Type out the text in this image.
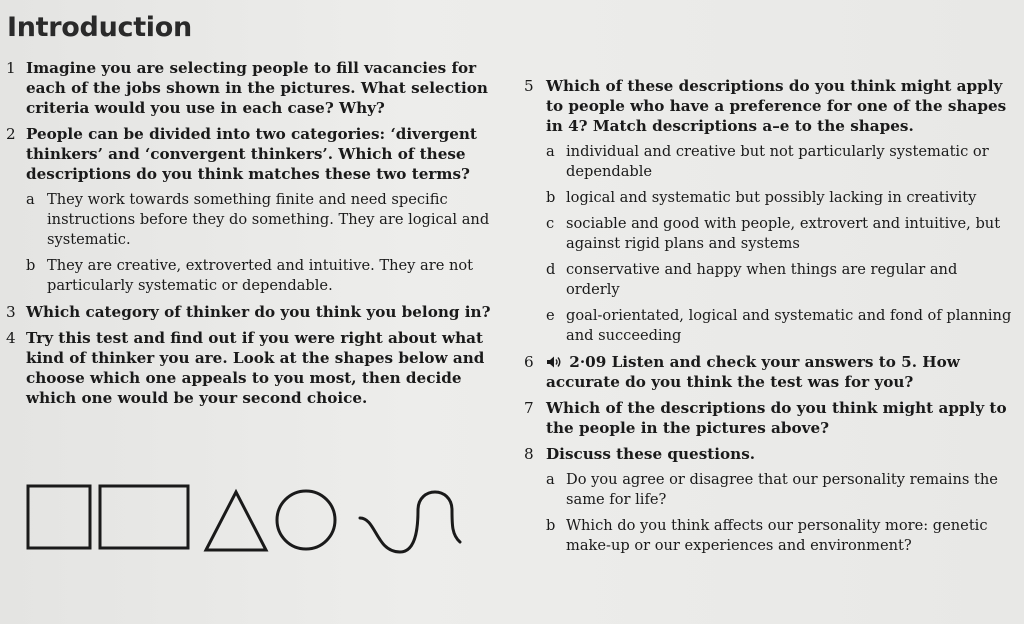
Introduction
1 Imagine you are selecting people to fill vacancies for each of the jobs shown in the pictures. What selection criteria would you use in each case? Why?
2 People can be divided into two categories: ‘divergent thinkers’ and ‘convergent thinkers’. Which of these descriptions do you think matches these two terms?
a They work towards something finite and need specific instructions before they do something. They are logical and systematic.
b They are creative, extroverted and intuitive. They are not particularly systematic or dependable.
3 Which category of thinker do you think you belong in?
4 Try this test and find out if you were right about what kind of thinker you are. Look at the shapes below and choose which one appeals to you most, then decide which one would be your second choice.
5 Which of these descriptions do you think might apply to people who have a preference for one of the shapes in 4? Match descriptions a–e to the shapes.
a individual and creative but not particularly systematic or dependable
b logical and systematic but possibly lacking in creativity
c sociable and good with people, extrovert and intuitive, but against rigid plans and systems
d conservative and happy when things are regular and orderly
e goal-orientated, logical and systematic and fond of planning and succeeding
6 2·09 Listen and check your answers to 5. How accurate do you think the test was for you?
7 Which of the descriptions do you think might apply to the people in the pictures above?
8 Discuss these questions.
a Do you agree or disagree that our personality remains the same for life?
b Which do you think affects our personality more: genetic make-up or our experiences and environment?
